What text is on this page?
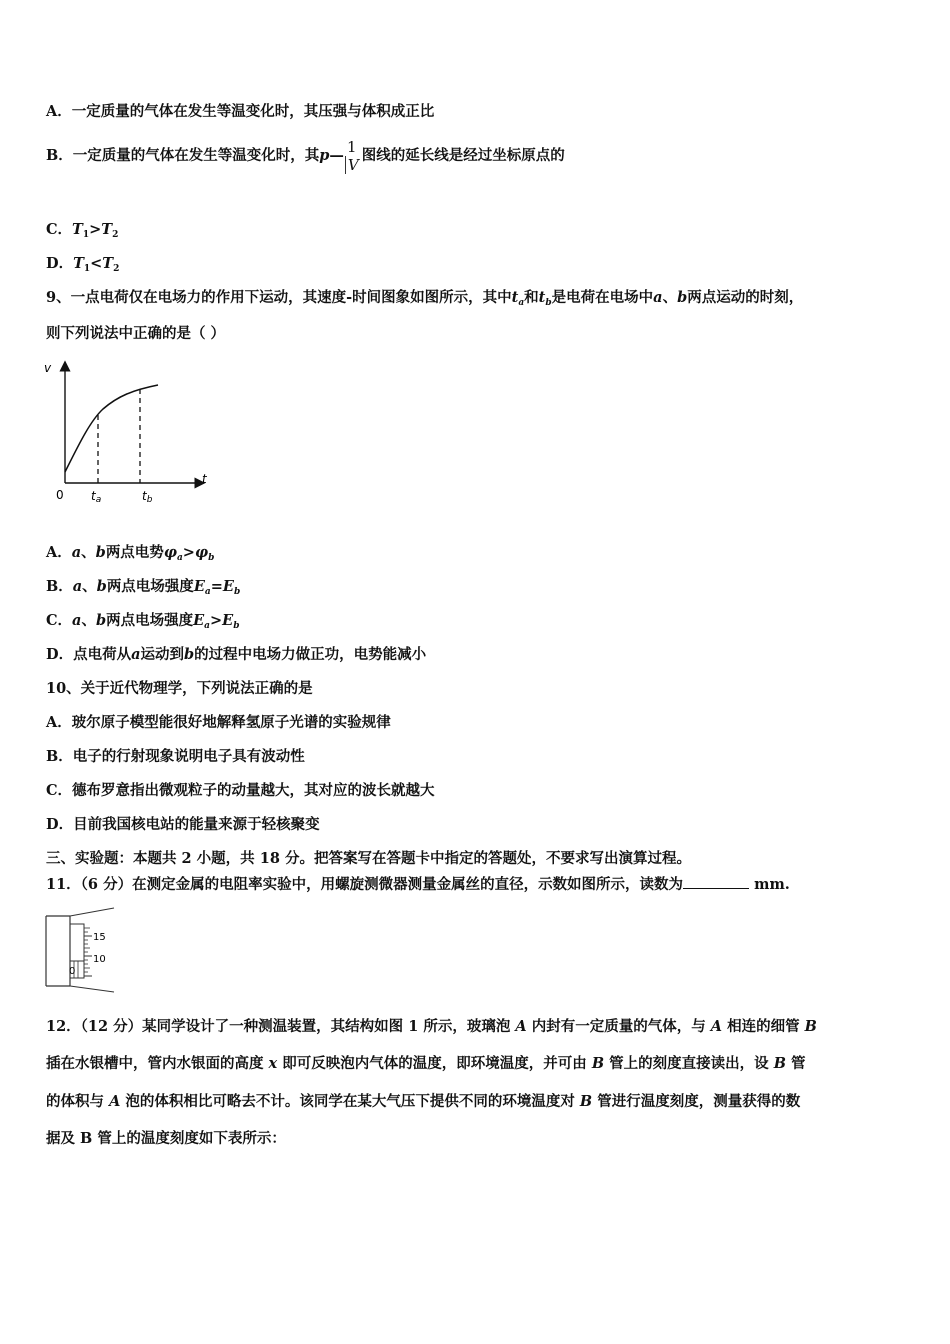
A．一定质量的气体在发生等温变化时，其压强与体积成正比
B．一定质量的气体在发生等温变化时，其p— 1
V
图线的延长线是经过坐标原点的
C．$T_1>T_2$
D．$T_1<T_2$
9、一点电荷仅在电场力的作用下运动，其速度-时间图象如图所示，其中$t_a$和$t_b$是电荷在电场中a、b两点运动的时刻，
则下列说法中正确的是（ ）
v
t
0 ta	tb
A．a、b两点电势$\varphi_a>\varphi_b$
B．a、b两点电场强度$E_a=E_b$
C．a、b两点电场强度$E_a>E_b$
D．点电荷从a运动到b的过程中电场力做正功，电势能减小
10、关于近代物理学，下列说法正确的是
A．玻尔原子模型能很好地解释氢原子光谱的实验规律
B．电子的行射现象说明电子具有波动性
C．德布罗意指出微观粒子的动量越大，其对应的波长就越大
D．目前我国核电站的能量来源于轻核聚变
三、实验题：本题共 2 小题，共 18 分。把答案写在答题卡中指定的答题处，不要求写出演算过程。
11．（6 分）在测定金属的电阻率实验中，用螺旋测微器测量金属丝的直径，示数如图所示，读数为	mm.
15
10
0
12．（12 分）某同学设计了一种测温装置，其结构如图 1 所示，玻璃泡 A 内封有一定质量的气体，与 A 相连的细管 B
插在水银槽中，管内水银面的高度 x 即可反映泡内气体的温度，即环境温度，并可由 B 管上的刻度直接读出，设 B 管
的体积与 A 泡的体积相比可略去不计。该同学在某大气压下提供不同的环境温度对 B 管进行温度刻度，测量获得的数
据及 B 管上的温度刻度如下表所示：
